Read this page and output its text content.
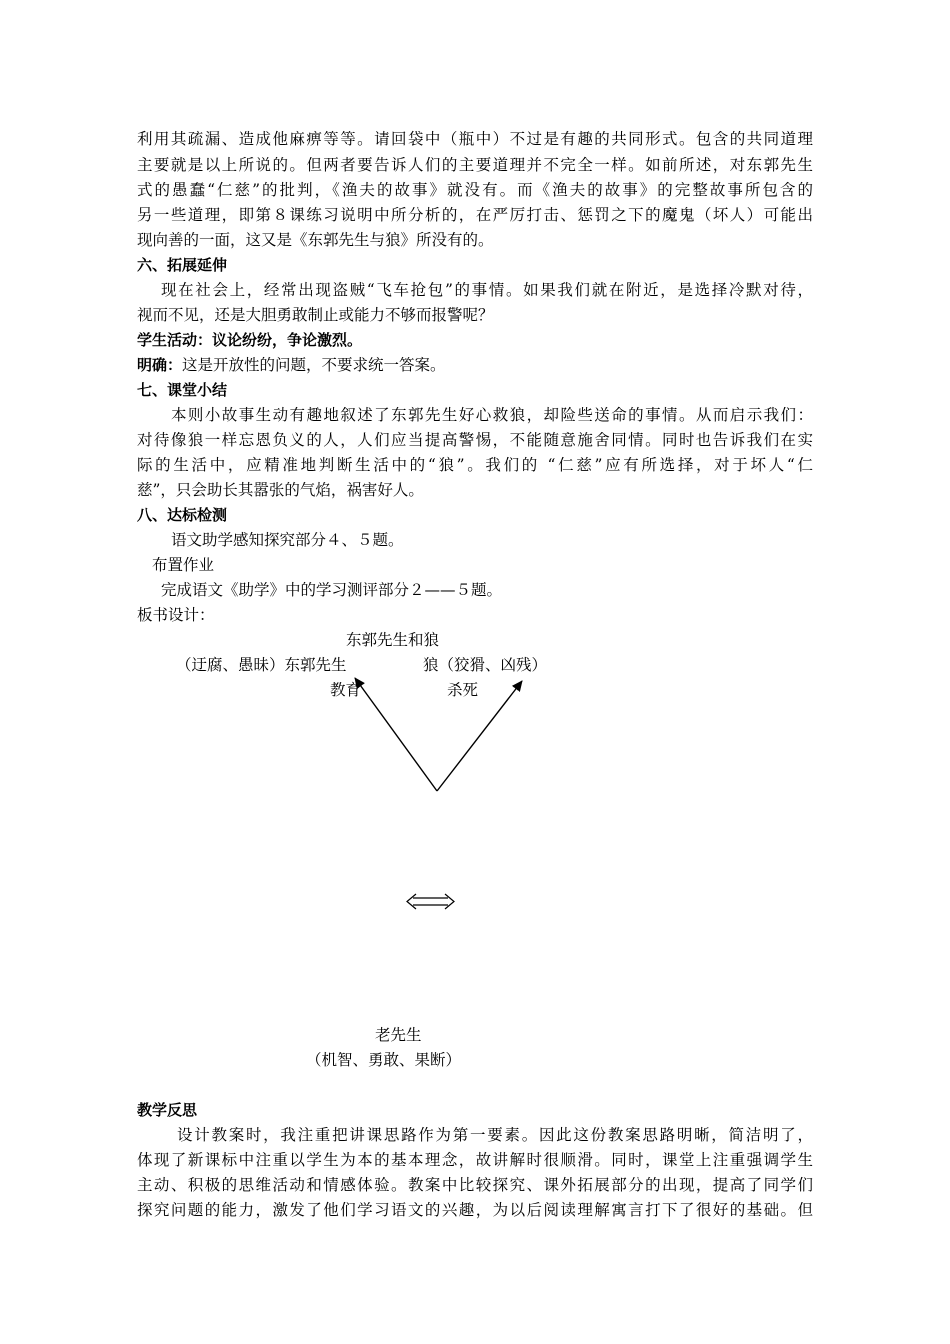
利用其疏漏、造成他麻痹等等。请回袋中（瓶中）不过是有趣的共同形式。包含的共同道理
主要就是以上所说的。但两者要告诉人们的主要道理并不完全一样。如前所述，对东郭先生
式的愚蠢“仁慈”的批判，《渔夫的故事》就没有。而《渔夫的故事》的完整故事所包含的
另一些道理，即第８课练习说明中所分析的，在严厉打击、惩罚之下的魔鬼（坏人）可能出
现向善的一面，这又是《东郭先生与狼》所没有的。
六、拓展延伸
现在社会上，经常出现盗贼“飞车抢包”的事情。如果我们就在附近，是选择冷默对待，
视而不见，还是大胆勇敢制止或能力不够而报警呢？
学生活动：议论纷纷，争论激烈。
明确：这是开放性的问题，不要求统一答案。
七、课堂小结
本则小故事生动有趣地叙述了东郭先生好心救狼，却险些送命的事情。从而启示我们：
对待像狼一样忘恩负义的人，人们应当提高警惕，不能随意施舍同情。同时也告诉我们在实
际的生活中，应精准地判断生活中的“狼”。我们的 “仁慈”应有所选择，对于坏人“仁
慈”，只会助长其嚣张的气焰，祸害好人。
八、达标检测
语文助学感知探究部分４、５题。
布置作业
完成语文《助学》中的学习测评部分２——５题。
板书设计：
东郭先生和狼
（迂腐、愚昧）东郭先生	狼（狡猾、凶残）
教育	杀死
老先生
（机智、勇敢、果断）
教学反思
设计教案时，我注重把讲课思路作为第一要素。因此这份教案思路明晰，简洁明了，
体现了新课标中注重以学生为本的基本理念，故讲解时很顺滑。同时，课堂上注重强调学生
主动、积极的思维活动和情感体验。教案中比较探究、课外拓展部分的出现，提高了同学们
探究问题的能力，激发了他们学习语文的兴趣，为以后阅读理解寓言打下了很好的基础。但
